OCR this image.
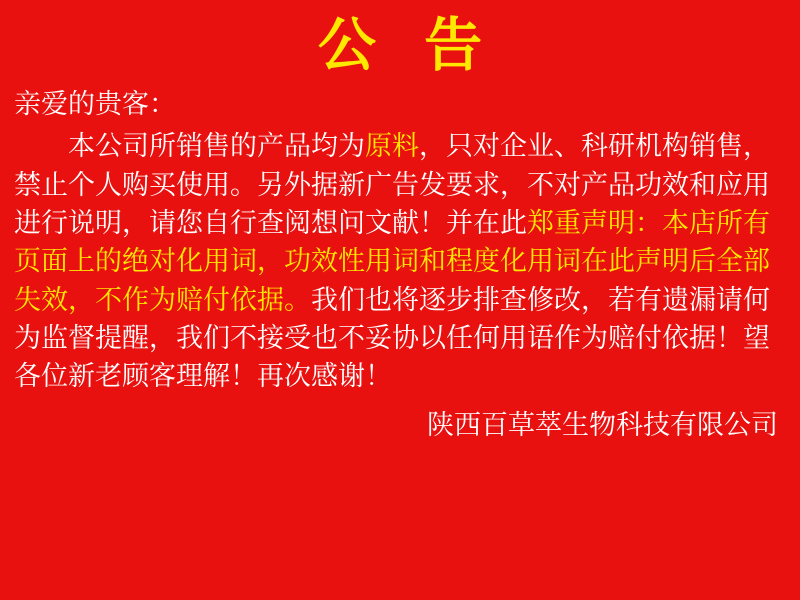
公 告
亲爱的贵客：

本公司所销售的产品均为原料，只对企业、科研机构销售，禁止个人购买使用。另外据新广告发要求，不对产品功效和应用进行说明，请您自行查阅想问文献！并在此郑重声明：本店所有页面上的绝对化用词，功效性用词和程度化用词在此声明后全部失效，不作为赔付依据。我们也将逐步排查修改，若有遗漏请何为监督提醒，我们不接受也不妥协以任何用语作为赔付依据！望各位新老顾客理解！再次感谢！

陕西百草萃生物科技有限公司
